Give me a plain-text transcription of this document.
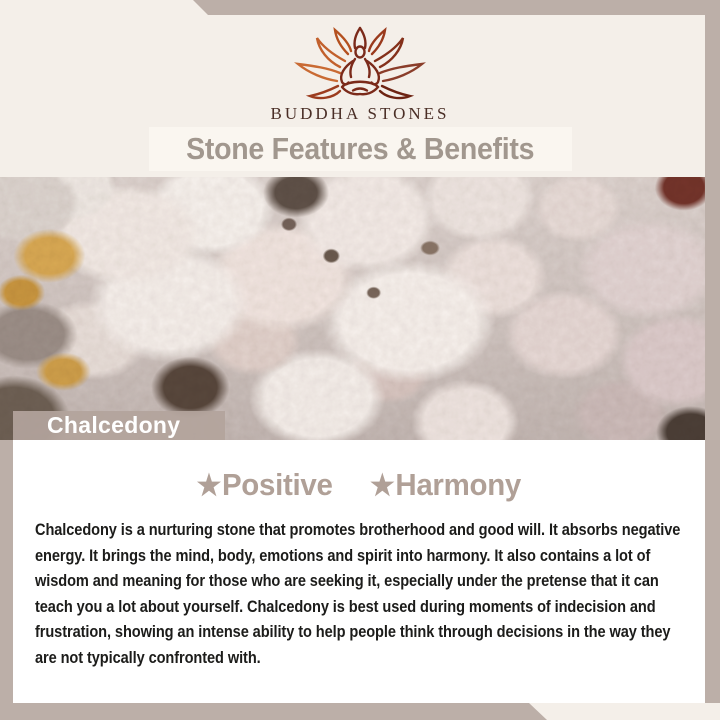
BUDDHA STONES
Stone Features & Benefits
Chalcedony
★Positive ★Harmony
Chalcedony is a nurturing stone that promotes brotherhood and good will. It absorbs negative energy. It brings the mind, body, emotions and spirit into harmony. It also contains a lot of wisdom and meaning for those who are seeking it, especially under the pretense that it can teach you a lot about yourself. Chalcedony is best used during moments of indecision and frustration, showing an intense ability to help people think through decisions in the way they are not typically confronted with.
